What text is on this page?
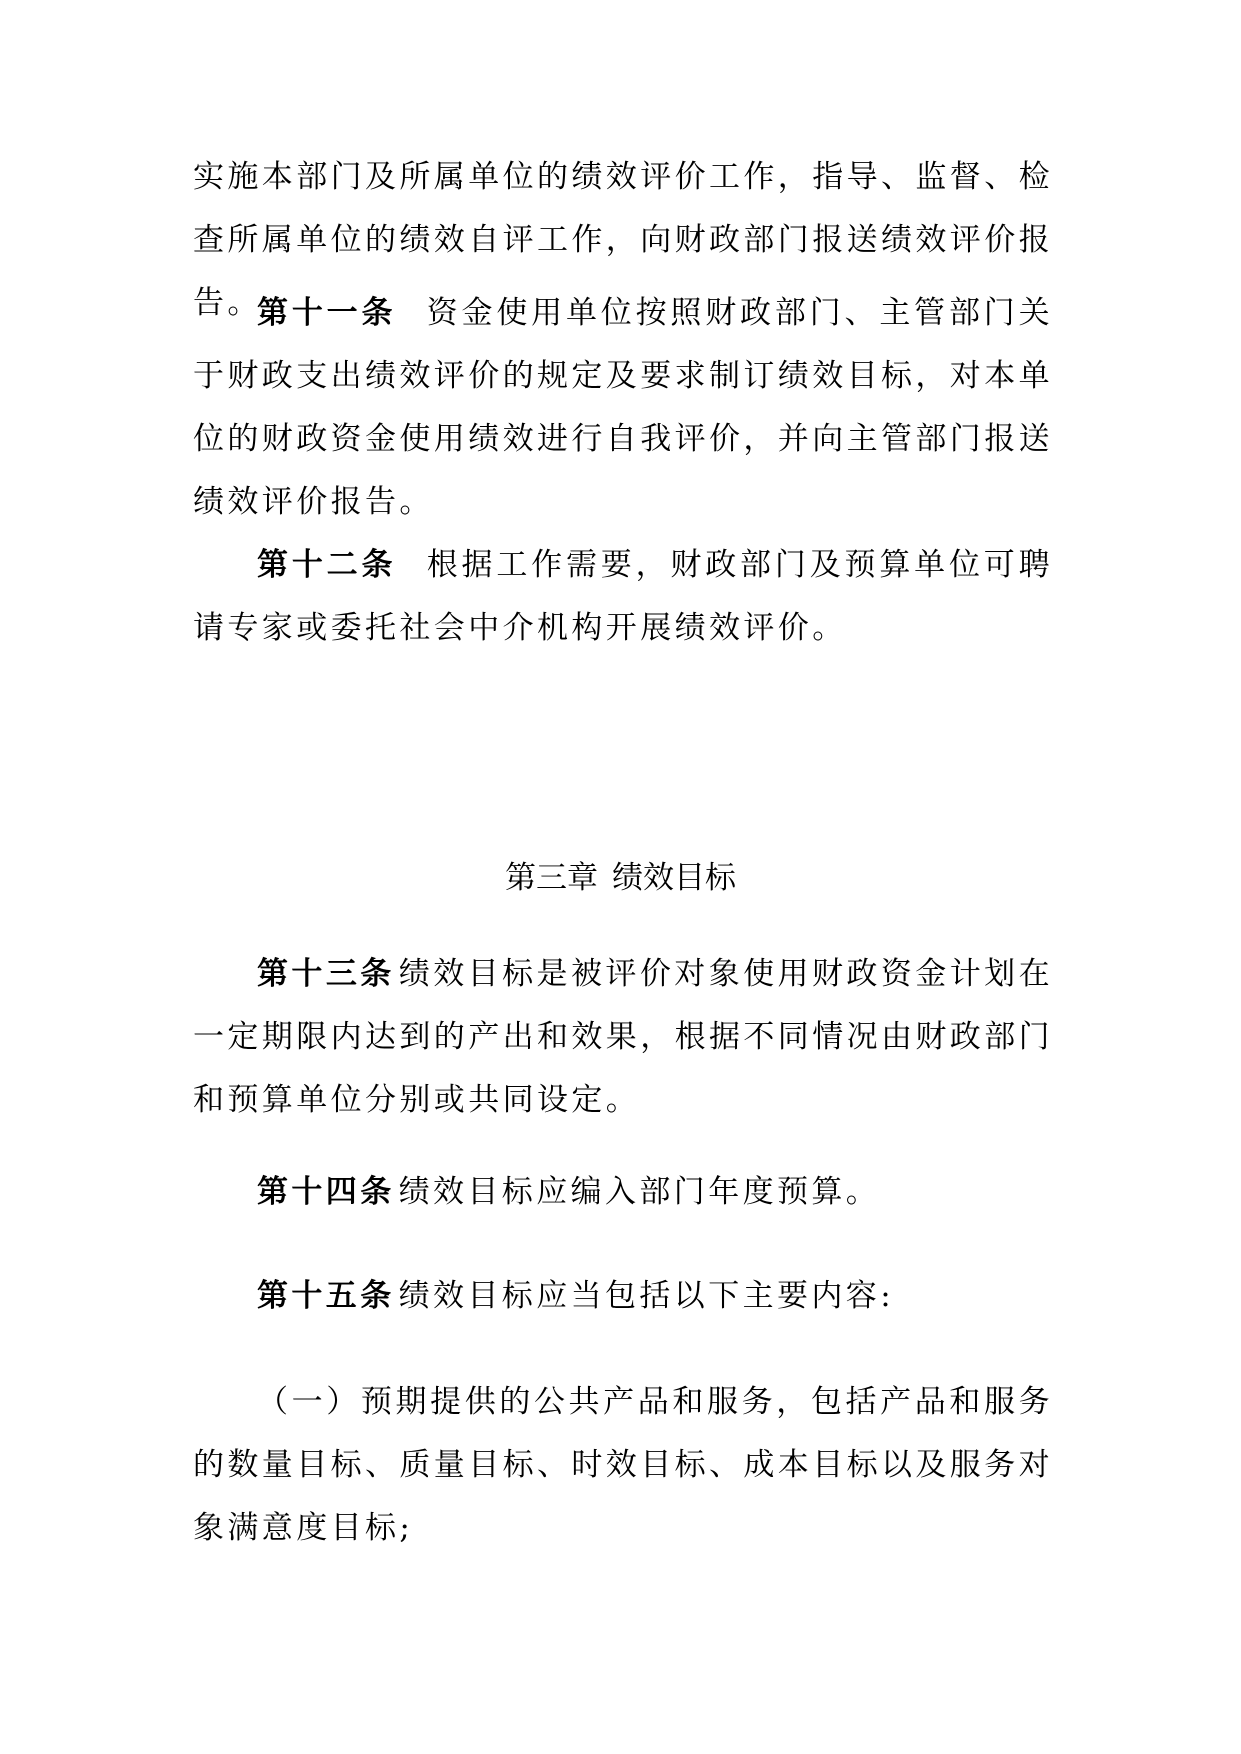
实施本部门及所属单位的绩效评价工作，指导、监督、检查所属单位的绩效自评工作，向财政部门报送绩效评价报告。

第十一条 资金使用单位按照财政部门、主管部门关于财政支出绩效评价的规定及要求制订绩效目标，对本单位的财政资金使用绩效进行自我评价，并向主管部门报送绩效评价报告。

第十二条 根据工作需要，财政部门及预算单位可聘请专家或委托社会中介机构开展绩效评价。

第三章 绩效目标

第十三条 绩效目标是被评价对象使用财政资金计划在一定期限内达到的产出和效果，根据不同情况由财政部门和预算单位分别或共同设定。

第十四条 绩效目标应编入部门年度预算。

第十五条 绩效目标应当包括以下主要内容:

（一）预期提供的公共产品和服务，包括产品和服务的数量目标、质量目标、时效目标、成本目标以及服务对象满意度目标;
